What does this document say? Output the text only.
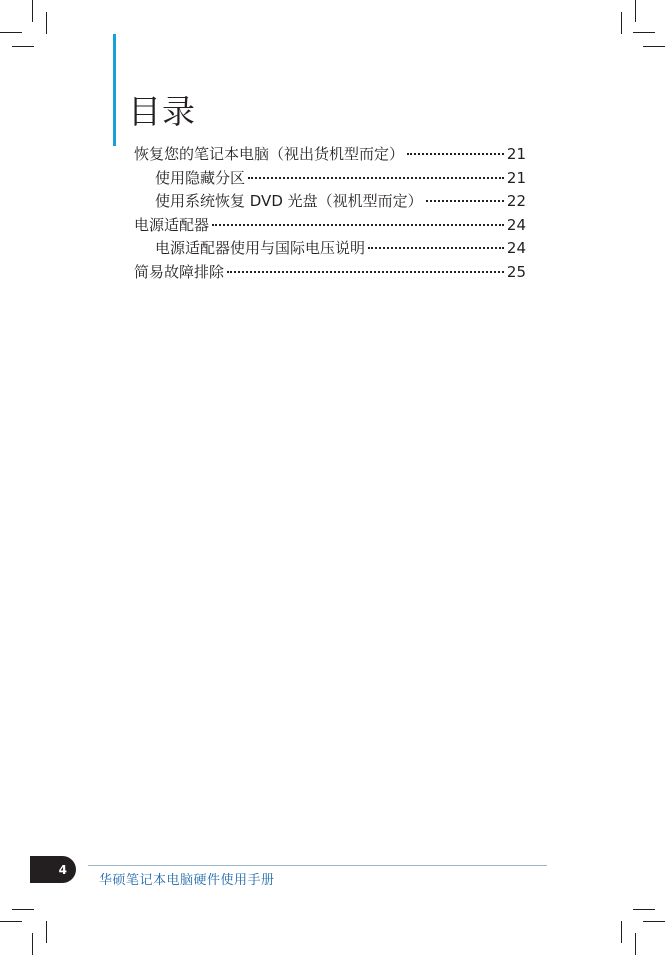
目录
恢复您的笔记本电脑（视出货机型而定）	21
使用隐藏分区	21
使用系统恢复 DVD 光盘（视机型而定）	22
电源适配器	24
电源适配器使用与国际电压说明	24
简易故障排除	25
4
华硕笔记本电脑硬件使用手册
